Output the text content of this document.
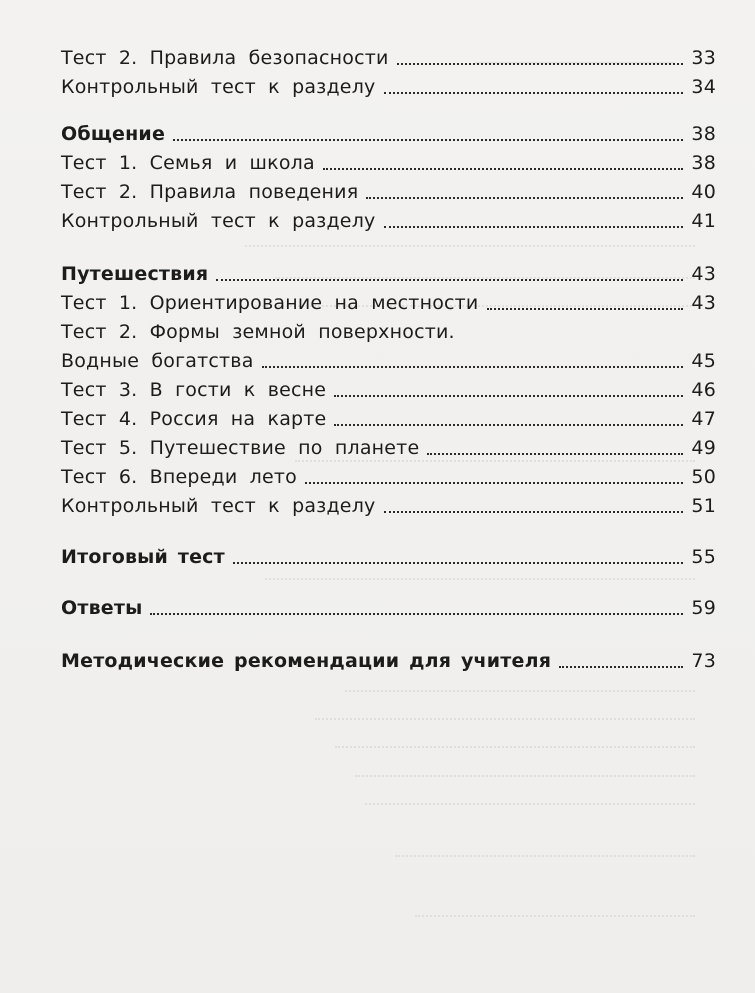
Тест 2. Правила безопасности	33
Контрольный тест к разделу	34
Общение	38
Тест 1. Семья и школа	38
Тест 2. Правила поведения	40
Контрольный тест к разделу	41
Путешествия	43
Тест 1. Ориентирование на местности	43
Тест 2. Формы земной поверхности.
Водные богатства	45
Тест 3. В гости к весне	46
Тест 4. Россия на карте	47
Тест 5. Путешествие по планете	49
Тест 6. Впереди лето	50
Контрольный тест к разделу	51
Итоговый тест	55
Ответы	59
Методические рекомендации для учителя	73
